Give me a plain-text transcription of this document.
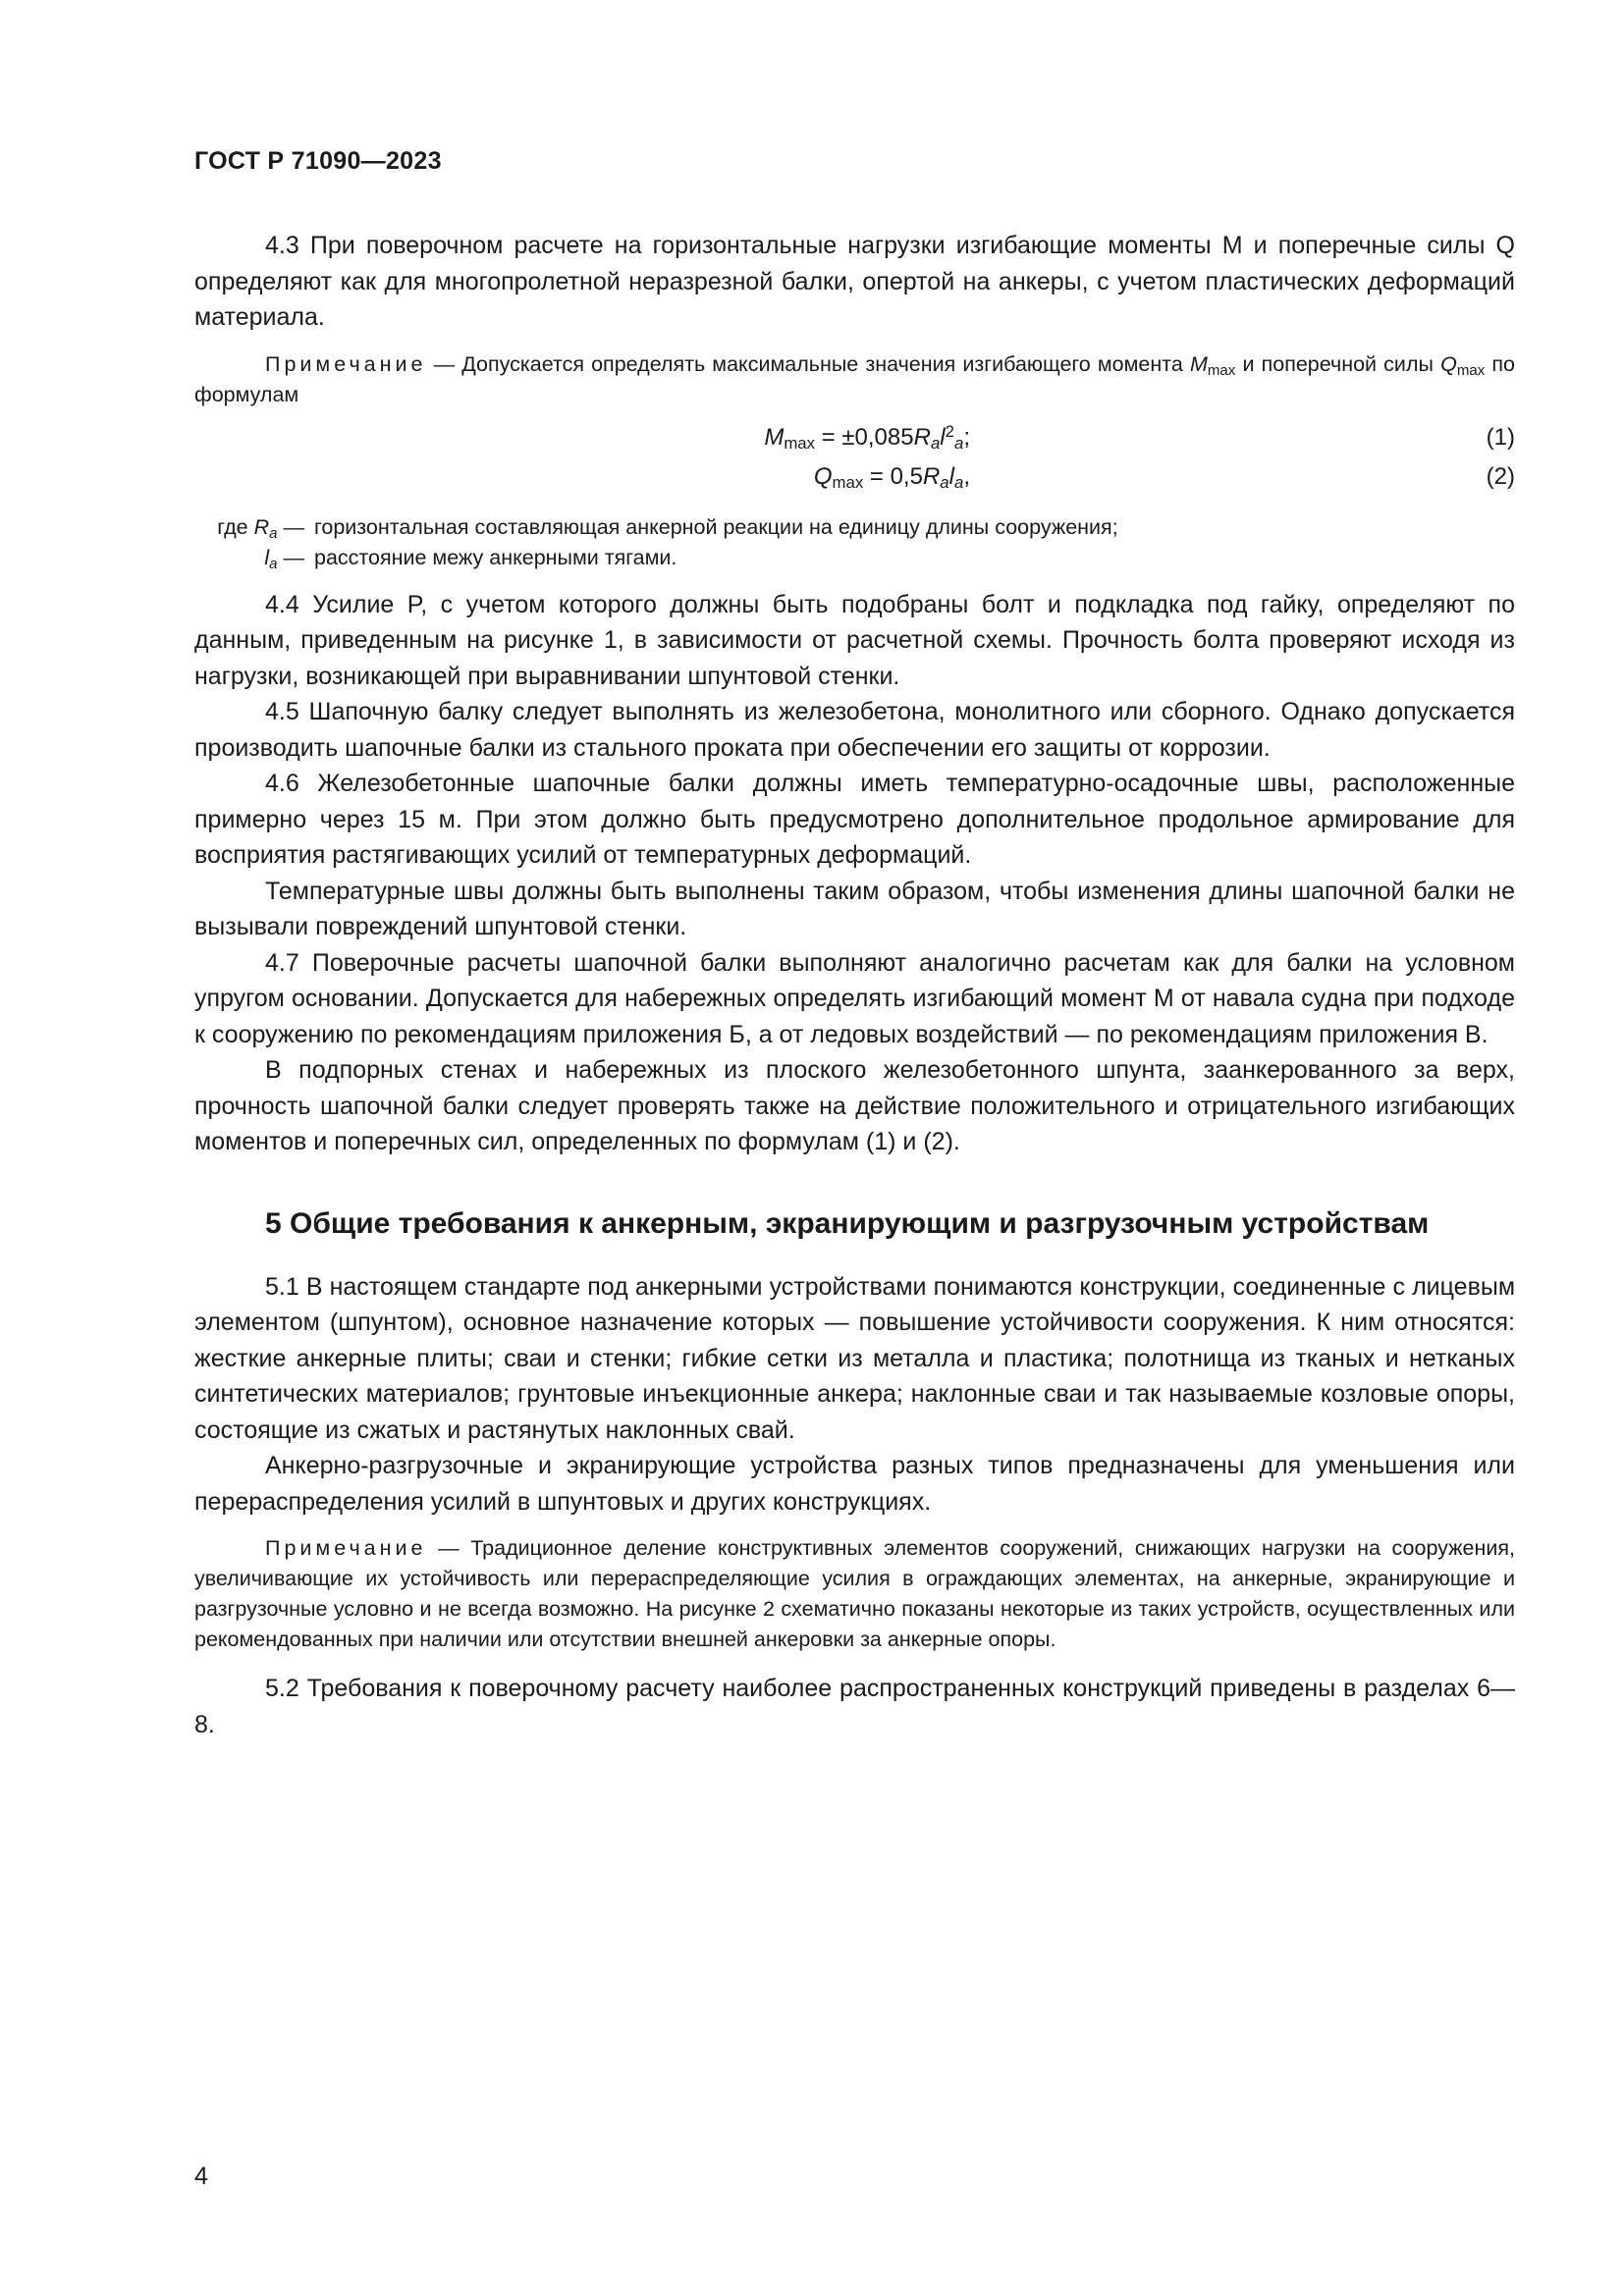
ГОСТ Р 71090—2023

4.3 При поверочном расчете на горизонтальные нагрузки изгибающие моменты M и поперечные силы Q определяют как для многопролетной неразрезной балки, опертой на анкеры, с учетом пластических деформаций материала.

Примечание — Допускается определять максимальные значения изгибающего момента $M_{max}$ и поперечной силы $Q_{max}$ по формулам

$M_{max} = \pm 0,085R_al^2_a$;	(1)
$Q_{max} = 0,5R_al_a$,	(2)
где $R_a$ — горизонтальная составляющая анкерной реакции на единицу длины сооружения;
$l_a$ — расстояние межу анкерными тягами.

4.4 Усилие P, с учетом которого должны быть подобраны болт и подкладка под гайку, определяют по данным, приведенным на рисунке 1, в зависимости от расчетной схемы. Прочность болта проверяют исходя из нагрузки, возникающей при выравнивании шпунтовой стенки.

4.5 Шапочную балку следует выполнять из железобетона, монолитного или сборного. Однако допускается производить шапочные балки из стального проката при обеспечении его защиты от коррозии.

4.6 Железобетонные шапочные балки должны иметь температурно-осадочные швы, расположенные примерно через 15 м. При этом должно быть предусмотрено дополнительное продольное армирование для восприятия растягивающих усилий от температурных деформаций.

Температурные швы должны быть выполнены таким образом, чтобы изменения длины шапочной балки не вызывали повреждений шпунтовой стенки.

4.7 Поверочные расчеты шапочной балки выполняют аналогично расчетам как для балки на условном упругом основании. Допускается для набережных определять изгибающий момент M от навала судна при подходе к сооружению по рекомендациям приложения Б, а от ледовых воздействий — по рекомендациям приложения В.

В подпорных стенах и набережных из плоского железобетонного шпунта, заанкерованного за верх, прочность шапочной балки следует проверять также на действие положительного и отрицательного изгибающих моментов и поперечных сил, определенных по формулам (1) и (2).

5 Общие требования к анкерным, экранирующим и разгрузочным устройствам

5.1 В настоящем стандарте под анкерными устройствами понимаются конструкции, соединенные с лицевым элементом (шпунтом), основное назначение которых — повышение устойчивости сооружения. К ним относятся: жесткие анкерные плиты; сваи и стенки; гибкие сетки из металла и пластика; полотнища из тканых и нетканых синтетических материалов; грунтовые инъекционные анкера; наклонные сваи и так называемые козловые опоры, состоящие из сжатых и растянутых наклонных свай.

Анкерно-разгрузочные и экранирующие устройства разных типов предназначены для уменьшения или перераспределения усилий в шпунтовых и других конструкциях.

Примечание — Традиционное деление конструктивных элементов сооружений, снижающих нагрузки на сооружения, увеличивающие их устойчивость или перераспределяющие усилия в ограждающих элементах, на анкерные, экранирующие и разгрузочные условно и не всегда возможно. На рисунке 2 схематично показаны некоторые из таких устройств, осуществленных или рекомендованных при наличии или отсутствии внешней анкеровки за анкерные опоры.

5.2 Требования к поверочному расчету наиболее распространенных конструкций приведены в разделах 6—8.

4
